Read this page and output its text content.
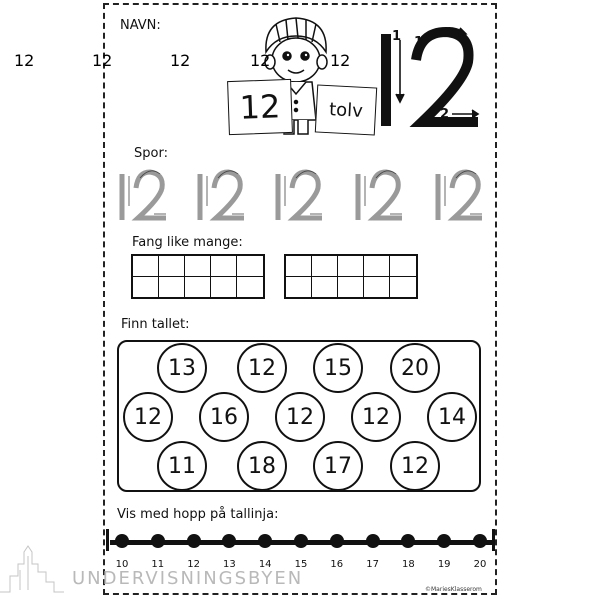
NAVN:
12	tolv
1 1
2
Spor:
12	12	12	12	12
Fang like mange:
Finn tallet:
13	12	15	20
12	16	12	12	14
11	18	17	12
Vis med hopp på tallinja:
10	11	12	13	14	15	16	17	18	19	20
UNDERVISNINGSBYEN
©MariesKlasserom
